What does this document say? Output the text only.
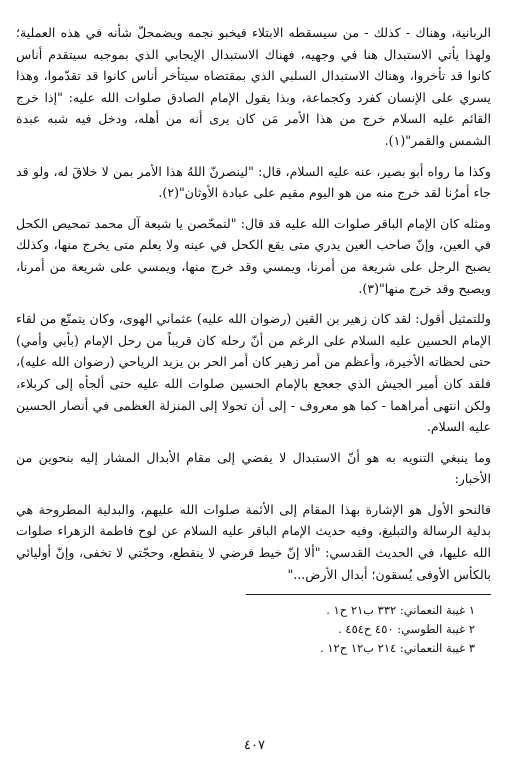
الربانية، وهناك - كذلك - من سيسقطه الابتلاء فيخبو نجمه ويضمحلّ شأنه في هذه العملية؛ ولهذا يأتي الاستبدال هنا في وجهيه، فهناك الاستبدال الإيجابي الذي بموجبه سيتقدم أناس كانوا قد تأخروا، وهناك الاستبدال السلبي الذي بمقتضاه سيتأخر أناس كانوا قد تقدّموا، وهذا يسري على الإنسان كفرد وكجماعة، وبذا يقول الإمام الصادق صلوات الله عليه: "إذا خرج القائم عليه السلام خرج من هذا الأمر مَن كان يرى أنه من أهله، ودخل فيه شبه عبدة الشمس والقمر"(١).

وكذا ما رواه أبو بصير، عنه عليه السلام، قال: "لينصرنّ اللهُ هذا الأمر بمن لا خلاقَ له، ولو قد جاء أمرُنا لقد خرج منه من هو اليوم مقيم على عبادة الأوثان"(٢).

ومثله كان الإمام الباقر صلوات الله عليه قد قال: "لتمحّصن يا شيعة آل محمد تمحيص الكحل في العين، وإنّ صاحب العين يدري متى يقع الكحل في عينه ولا يعلم متى يخرج منها، وكذلك يصبح الرجل على شريعة من أمرنا، ويمسي وقد خرج منها، ويمسي على شريعة من أمرنا، ويصبح وقد خرج منها"(٣).

وللتمثيل أقول: لقد كان زهير بن القين (رضوان الله عليه) عثماني الهوى، وكان يتمنّع من لقاء الإمام الحسين عليه السلام على الرغم من أنّ رحله كان قريباً من رحل الإمام (بأبي وأمي) حتى لحظاته الأخيرة، وأعظم من أمر زهير كان أمر الحر بن يزيد الرياحي (رضوان الله عليه)، فلقد كان أمير الجيش الذي جعجع بالإمام الحسين صلوات الله عليه حتى ألجأه إلى كربلاء، ولكن انتهى أمراهما - كما هو معروف - إلى أن تحولا إلى المنزلة العظمى في أنصار الحسين عليه السلام.

وما ينبغي التنويه به هو أنّ الاستبدال لا يفضي إلى مقام الأبدال المشار إليه بنحوين من الأخبار:

فالنحو الأول هو الإشارة بهذا المقام إلى الأئمة صلوات الله عليهم، والبدلية المطروحة هي بدلية الرسالة والتبليغ، وفيه حديث الإمام الباقر عليه السلام عن لوح فاطمة الزهراء صلوات الله عليها، في الحديث القدسي: "ألا إنّ خيط فرضي لا ينقطع، وحجّتي لا تخفى، وإنّ أوليائي بالكأس الأوفى يُسقون؛ أبدال الأرض..."

١ غيبة النعماني: ٣٣٢ ب٢١ ح١ .
٢ غيبة الطوسي: ٤٥٠ ح٤٥٤ .
٣ غيبة النعماني: ٢١٤ ب١٢ ح١٢ .
٤٠٧
